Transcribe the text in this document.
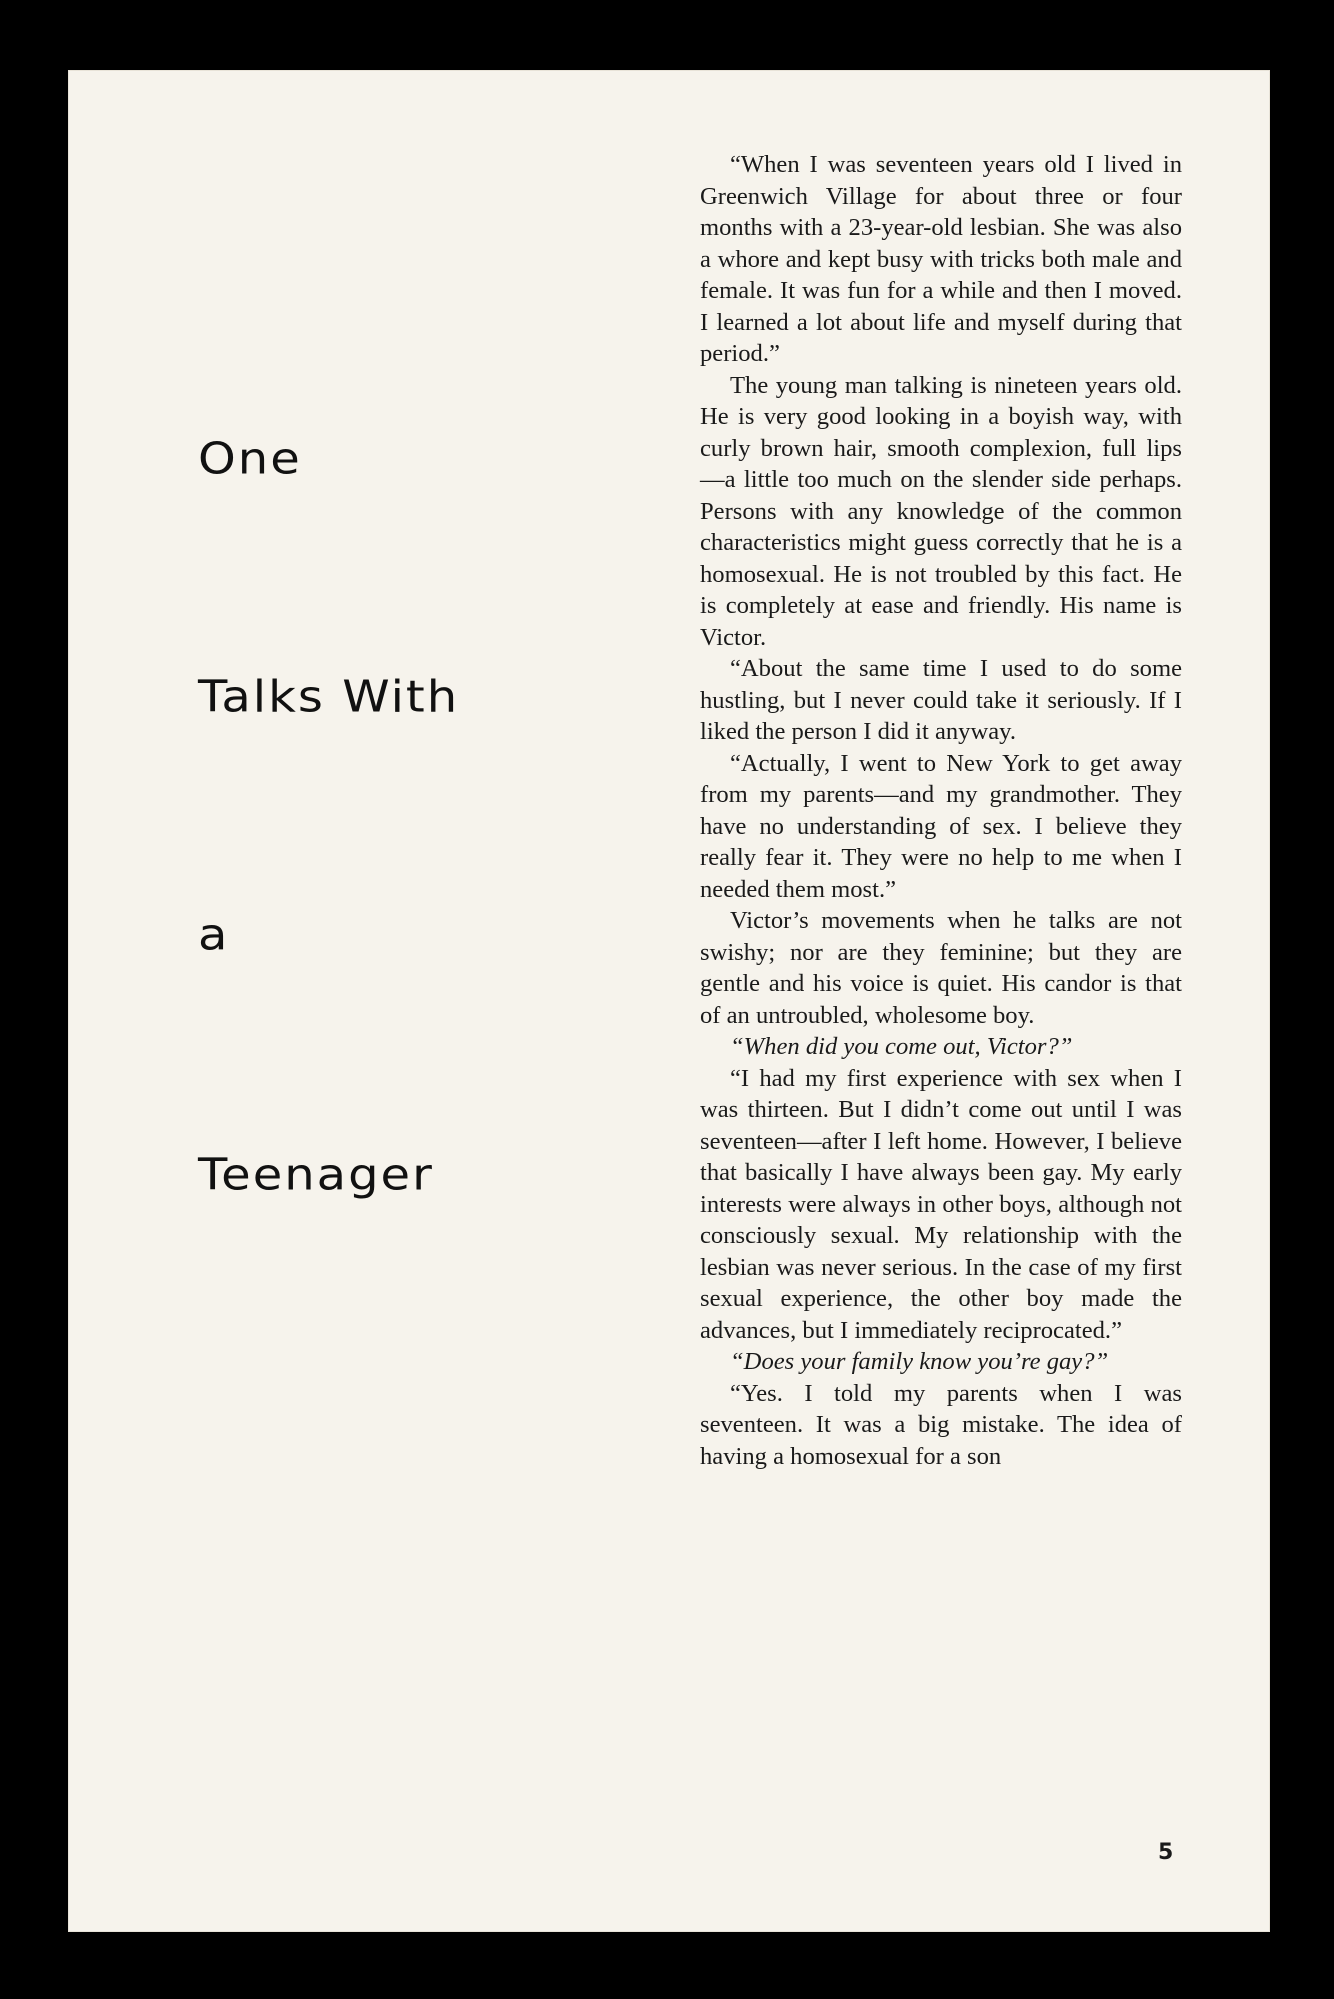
One
Talks With
a
Teenager

“When I was seventeen years old I lived in Greenwich Village for about three or four months with a 23-year-old lesbian. She was also a whore and kept busy with tricks both male and female. It was fun for a while and then I moved. I learned a lot about life and myself during that period.”

The young man talking is nineteen years old. He is very good looking in a boyish way, with curly brown hair, smooth complexion, full lips—a little too much on the slender side perhaps. Persons with any knowledge of the common characteristics might guess correctly that he is a homosexual. He is not troubled by this fact. He is completely at ease and friendly. His name is Victor.

“About the same time I used to do some hustling, but I never could take it seriously. If I liked the person I did it anyway.

“Actually, I went to New York to get away from my parents—and my grandmother. They have no understanding of sex. I believe they really fear it. They were no help to me when I needed them most.”

Victor’s movements when he talks are not swishy; nor are they feminine; but they are gentle and his voice is quiet. His candor is that of an untroubled, wholesome boy.

“When did you come out, Victor?”

“I had my first experience with sex when I was thirteen. But I didn’t come out until I was seventeen—after I left home. However, I believe that basically I have always been gay. My early interests were always in other boys, although not consciously sexual. My relationship with the lesbian was never serious. In the case of my first sexual experience, the other boy made the advances, but I immediately reciprocated.”

“Does your family know you’re gay?”

“Yes. I told my parents when I was seventeen. It was a big mistake. The idea of having a homosexual for a son

5
